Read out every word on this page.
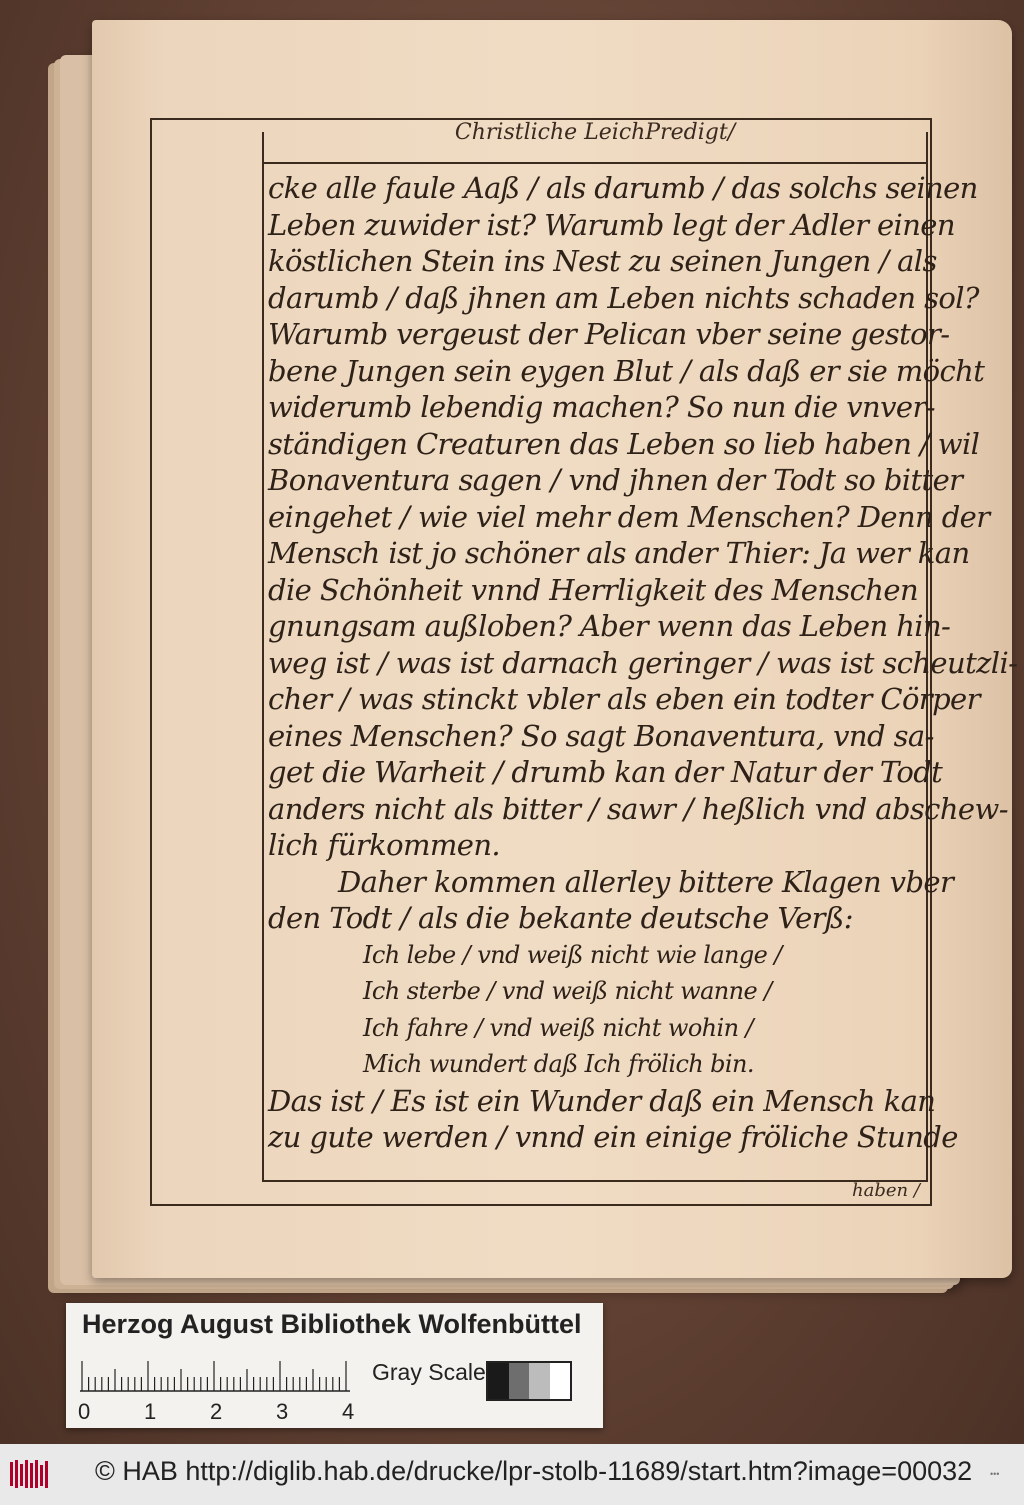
Christliche LeichPredigt/
cke alle faule Aaß / als darumb / das solchs seinen
Leben zuwider ist? Warumb legt der Adler einen
köstlichen Stein ins Nest zu seinen Jungen / als
darumb / daß jhnen am Leben nichts schaden sol?
Warumb vergeust der Pelican vber seine gestor-
bene Jungen sein eygen Blut / als daß er sie möcht
widerumb lebendig machen? So nun die vnver-
ständigen Creaturen das Leben so lieb haben / wil
Bonaventura sagen / vnd jhnen der Todt so bitter
eingehet / wie viel mehr dem Menschen? Denn der
Mensch ist jo schöner als ander Thier: Ja wer kan
die Schönheit vnnd Herrligkeit des Menschen
gnungsam außloben? Aber wenn das Leben hin-
weg ist / was ist darnach geringer / was ist scheutzli-
cher / was stinckt vbler als eben ein todter Cörper
eines Menschen? So sagt Bonaventura, vnd sa-
get die Warheit / drumb kan der Natur der Todt
anders nicht als bitter / sawr / heßlich vnd abschew-
lich fürkommen.
Daher kommen allerley bittere Klagen vber
den Todt / als die bekante deutsche Verß:
Ich lebe / vnd weiß nicht wie lange /
Ich sterbe / vnd weiß nicht wanne /
Ich fahre / vnd weiß nicht wohin /
Mich wundert daß Ich frölich bin.
Das ist / Es ist ein Wunder daß ein Mensch kan
zu gute werden / vnnd ein einige fröliche Stunde
haben /
Herzog August Bibliothek Wolfenbüttel
0 1 2 3 4
Gray Scale
© HAB http://diglib.hab.de/drucke/lpr-stolb-11689/start.htm?image=00032 •••
